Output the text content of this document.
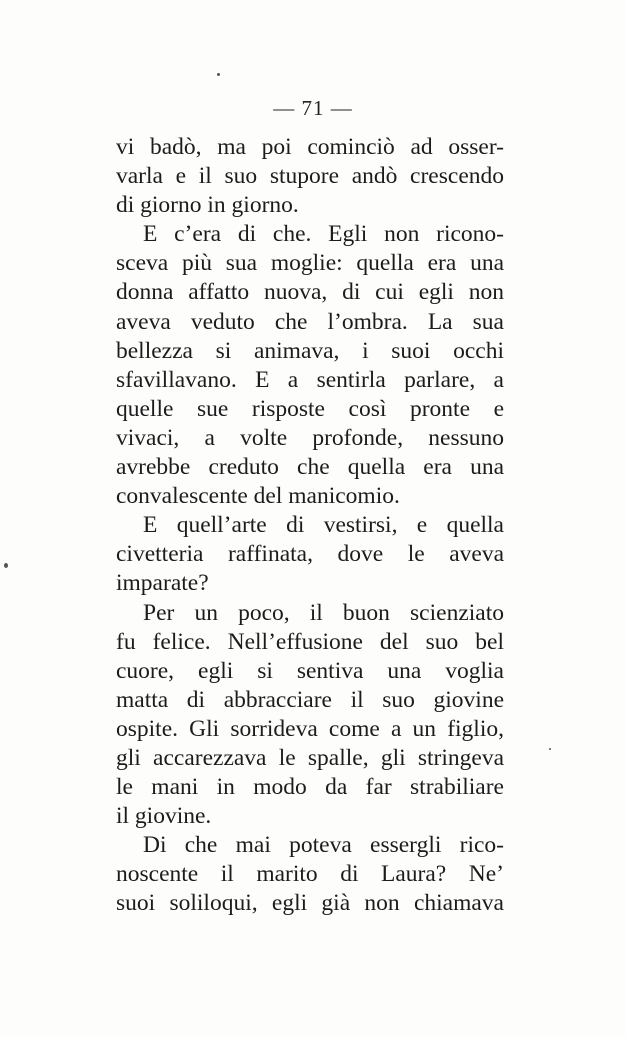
— 71 —
vi badò, ma poi cominciò ad osser-
varla e il suo stupore andò crescendo
di giorno in giorno.
E c’era di che. Egli non ricono-
sceva più sua moglie: quella era una
donna affatto nuova, di cui egli non
aveva veduto che l’ombra. La sua
bellezza si animava, i suoi occhi
sfavillavano. E a sentirla parlare, a
quelle sue risposte così pronte e
vivaci, a volte profonde, nessuno
avrebbe creduto che quella era una
convalescente del manicomio.
E quell’arte di vestirsi, e quella
civetteria raffinata, dove le aveva
imparate?
Per un poco, il buon scienziato
fu felice. Nell’effusione del suo bel
cuore, egli si sentiva una voglia
matta di abbracciare il suo giovine
ospite. Gli sorrideva come a un figlio,
gli accarezzava le spalle, gli stringeva
le mani in modo da far strabiliare
il giovine.
Di che mai poteva essergli rico-
noscente il marito di Laura? Ne’
suoi soliloqui, egli già non chiamava
